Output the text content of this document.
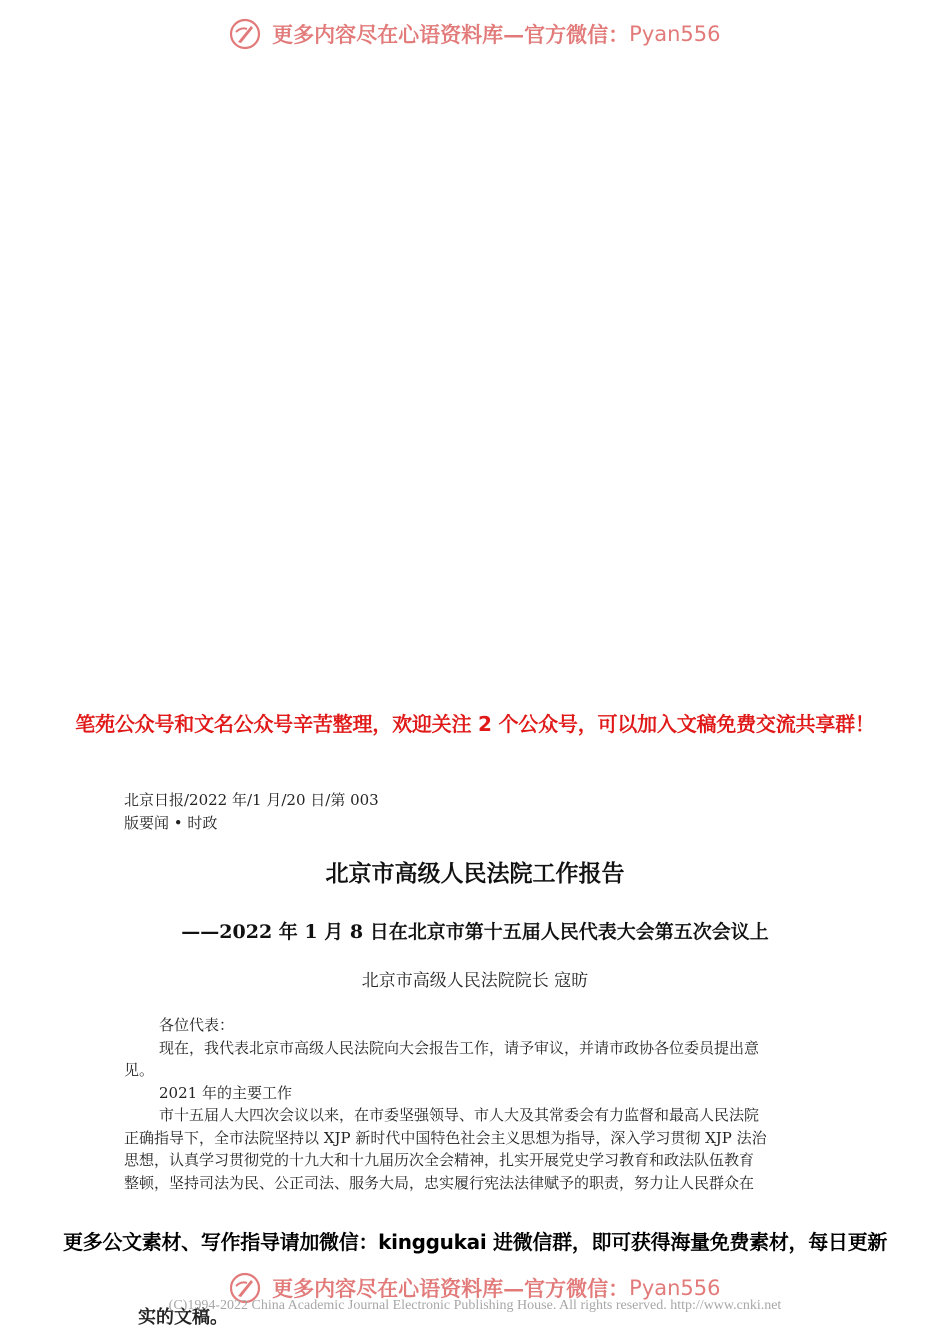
更多内容尽在心语资料库—官方微信：Pyan556
笔苑公众号和文名公众号辛苦整理，欢迎关注 2 个公众号，可以加入文稿免费交流共享群！
北京日报/2022 年/1 月/20 日/第 003
版要闻 • 时政
北京市高级人民法院工作报告
——2022 年 1 月 8 日在北京市第十五届人民代表大会第五次会议上
北京市高级人民法院院长 寇昉

各位代表：

现在，我代表北京市高级人民法院向大会报告工作，请予审议，并请市政协各位委员提出意

见。

2021 年的主要工作

市十五届人大四次会议以来，在市委坚强领导、市人大及其常委会有力监督和最高人民法院

正确指导下，全市法院坚持以 XJP 新时代中国特色社会主义思想为指导，深入学习贯彻 XJP 法治

思想，认真学习贯彻党的十九大和十九届历次全会精神，扎实开展党史学习教育和政法队伍教育

整顿，坚持司法为民、公正司法、服务大局，忠实履行宪法法律赋予的职责，努力让人民群众在

更多公文素材、写作指导请加微信：kinggukai 进微信群，即可获得海量免费素材，每日更新
更多内容尽在心语资料库—官方微信：Pyan556
实的文稿。
(C)1994-2022 China Academic Journal Electronic Publishing House. All rights reserved. http://www.cnki.net
